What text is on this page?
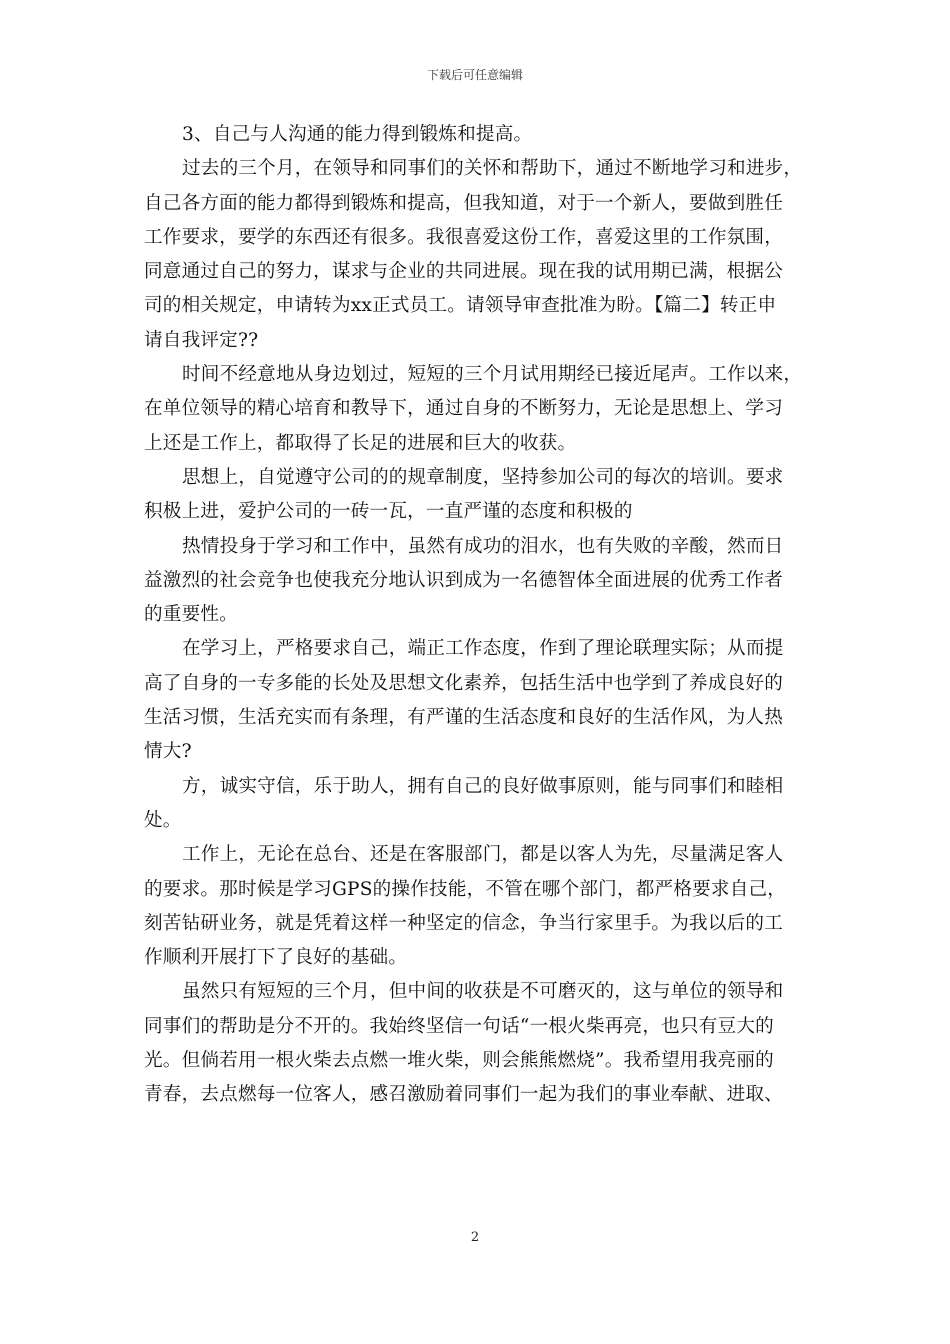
下载后可任意编辑
3、自己与人沟通的能力得到锻炼和提高。
过去的三个月，在领导和同事们的关怀和帮助下，通过不断地学习和进步，
自己各方面的能力都得到锻炼和提高，但我知道，对于一个新人，要做到胜任
工作要求，要学的东西还有很多。我很喜爱这份工作，喜爱这里的工作氛围，
同意通过自己的努力，谋求与企业的共同进展。现在我的试用期已满，根据公
司的相关规定，申请转为xx正式员工。请领导审查批准为盼。【篇二】转正申
请自我评定??
时间不经意地从身边划过，短短的三个月试用期经已接近尾声。工作以来，
在单位领导的精心培育和教导下，通过自身的不断努力，无论是思想上、学习
上还是工作上，都取得了长足的进展和巨大的收获。
思想上，自觉遵守公司的的规章制度，坚持参加公司的每次的培训。要求
积极上进，爱护公司的一砖一瓦，一直严谨的态度和积极的
热情投身于学习和工作中，虽然有成功的泪水，也有失败的辛酸，然而日
益激烈的社会竞争也使我充分地认识到成为一名德智体全面进展的优秀工作者
的重要性。
在学习上，严格要求自己，端正工作态度，作到了理论联理实际；从而提
高了自身的一专多能的长处及思想文化素养，包括生活中也学到了养成良好的
生活习惯，生活充实而有条理，有严谨的生活态度和良好的生活作风，为人热
情大?
方，诚实守信，乐于助人，拥有自己的良好做事原则，能与同事们和睦相
处。
工作上，无论在总台、还是在客服部门，都是以客人为先，尽量满足客人
的要求。那时候是学习GPS的操作技能，不管在哪个部门，都严格要求自己，
刻苦钻研业务，就是凭着这样一种坚定的信念，争当行家里手。为我以后的工
作顺利开展打下了良好的基础。
虽然只有短短的三个月，但中间的收获是不可磨灭的，这与单位的领导和
同事们的帮助是分不开的。我始终坚信一句话“一根火柴再亮，也只有豆大的
光。但倘若用一根火柴去点燃一堆火柴，则会熊熊燃烧”。我希望用我亮丽的
青春，去点燃每一位客人，感召激励着同事们一起为我们的事业奉献、进取、
2
